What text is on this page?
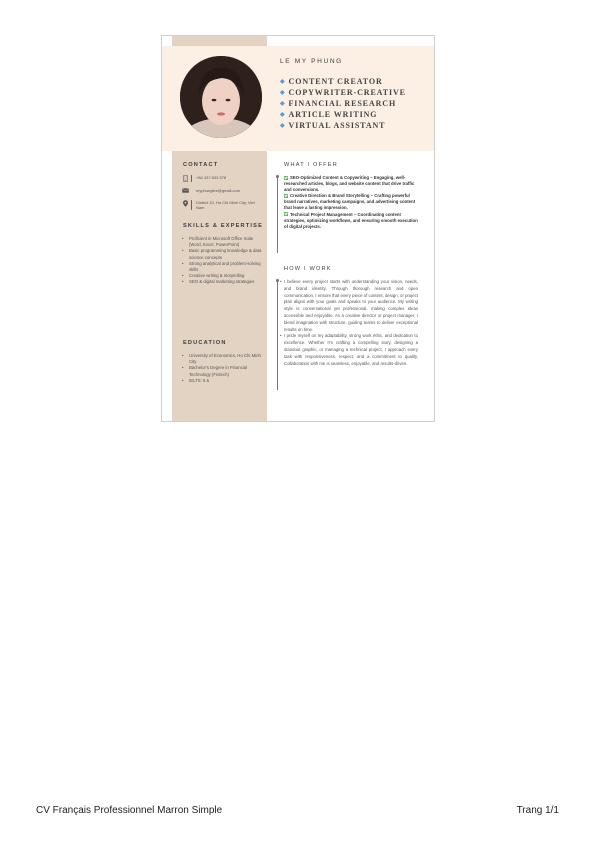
LE MY PHUNG
◆ CONTENT CREATOR
◆ COPYWRITER-CREATIVE
◆ FINANCIAL RESEARCH
◆ ARTICLE WRITING
◆ VIRTUAL ASSISTANT
CONTACT
+84 337 833 578
myphunglee@gmail.com
District 10, Ho Chi Minh City, Viet Nam
SKILLS & EXPERTISE
• Proficient in Microsoft Office Suite (Word, Excel, PowerPoint)
• Basic programming knowledge & data science concepts
• Strong analytical and problem-solving skills
• Creative writing & storytelling
• SEO & digital marketing strategies
EDUCATION
• University of Economics, Ho Chi Minh City
• Bachelor's Degree in Financial Technology (Fintech)
• IELTS: 5.5
WHAT I OFFER

SEO-Optimized Content & Copywriting – Engaging, well-researched articles, blogs, and website content that drive traffic and conversions.

Creative Direction & Brand Storytelling – Crafting powerful brand narratives, marketing campaigns, and advertising content that leave a lasting impression.

Technical Project Management – Coordinating content strategies, optimizing workflows, and ensuring smooth execution of digital projects.

HOW I WORK
• I believe every project starts with understanding your vision, needs, and brand identity. Through thorough research and open communication, I ensure that every piece of content, design, or project plan aligns with your goals and speaks to your audience. My writing style is conversational yet professional, making complex ideas accessible and enjoyable. As a creative director or project manager, I blend imagination with structure, guiding teams to deliver exceptional results on time.
• I pride myself on my adaptability, strong work ethic, and dedication to excellence. Whether I'm crafting a compelling story, designing a standout graphic, or managing a technical project, I approach every task with responsiveness, respect, and a commitment to quality. Collaboration with me is seamless, enjoyable, and results-driven.
CV Français Professionnel Marron Simple	Trang 1/1
